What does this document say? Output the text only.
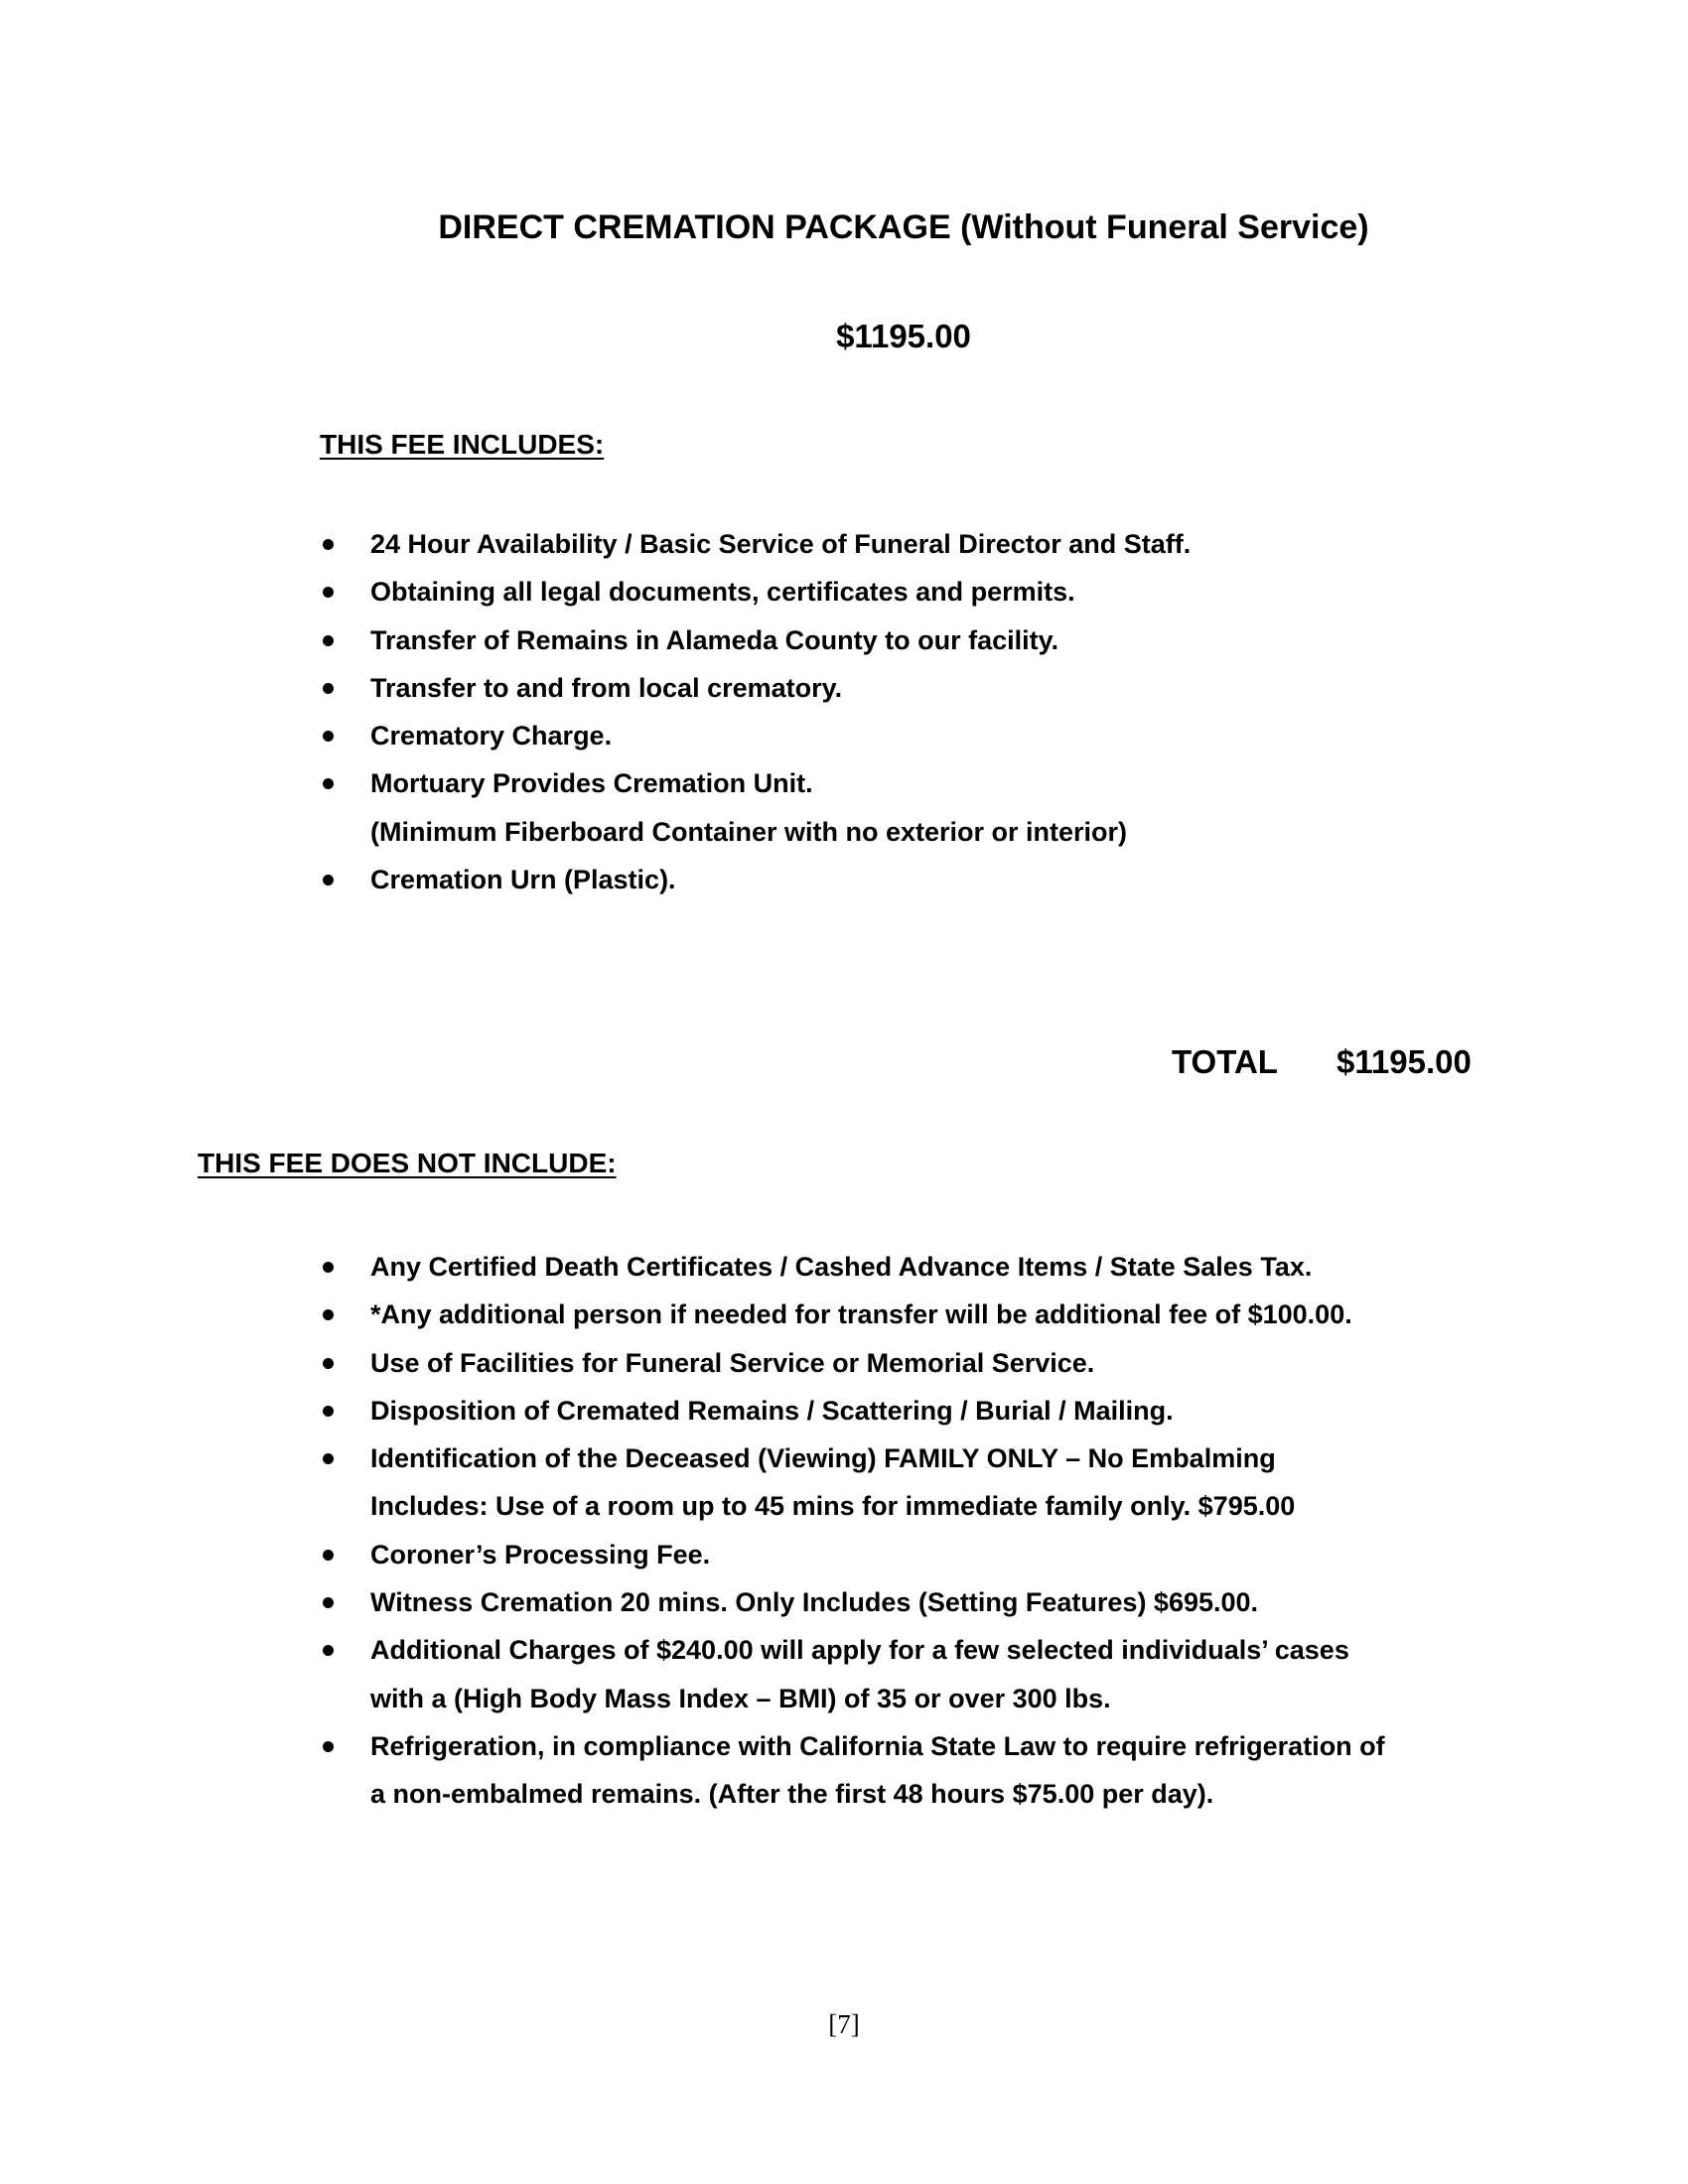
DIRECT CREMATION PACKAGE (Without Funeral Service)
$1195.00
THIS FEE INCLUDES:
24 Hour Availability / Basic Service of Funeral Director and Staff.
Obtaining all legal documents, certificates and permits.
Transfer of Remains in Alameda County to our facility.
Transfer to and from local crematory.
Crematory Charge.
Mortuary Provides Cremation Unit.
(Minimum Fiberboard Container with no exterior or interior)
Cremation Urn (Plastic).
TOTAL $1195.00
THIS FEE DOES NOT INCLUDE:
Any Certified Death Certificates / Cashed Advance Items / State Sales Tax.
*Any additional person if needed for transfer will be additional fee of $100.00.
Use of Facilities for Funeral Service or Memorial Service.
Disposition of Cremated Remains / Scattering / Burial / Mailing.
Identification of the Deceased (Viewing) FAMILY ONLY – No Embalming
Includes: Use of a room up to 45 mins for immediate family only. $795.00
Coroner’s Processing Fee.
Witness Cremation 20 mins. Only Includes (Setting Features) $695.00.
Additional Charges of $240.00 will apply for a few selected individuals’ cases
with a (High Body Mass Index – BMI) of 35 or over 300 lbs.
Refrigeration, in compliance with California State Law to require refrigeration of
a non-embalmed remains. (After the first 48 hours $75.00 per day).
[7]
